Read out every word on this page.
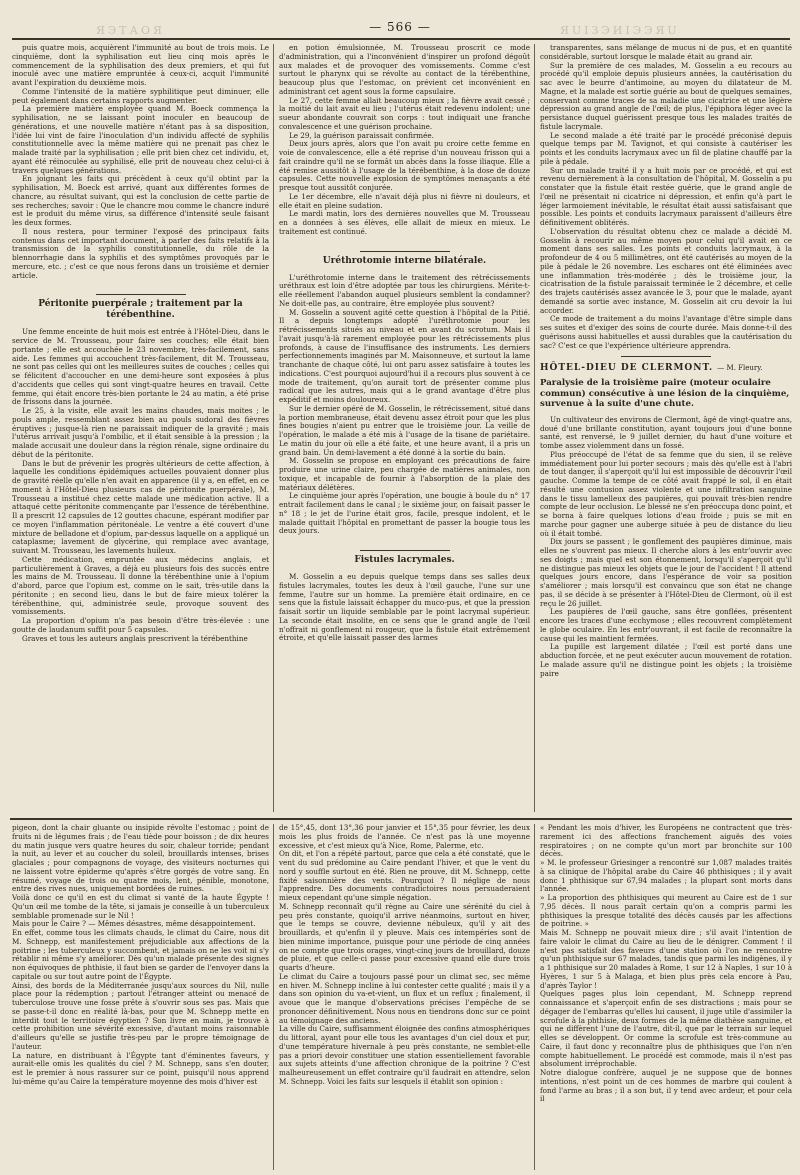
ЯЭТАОЯ	— 566 —	ЯUIЗЭИIЭЭЯU

puis quatre mois, acquièrent l'immunité au bout de trois mois. Le cinquième, dont la syphilisation eut lieu cinq mois après le commencement de la syphilisation des deux premiers, et qui fut inoculé avec une matière empruntée à ceux-ci, acquit l'immunité avant l'expiration du deuxième mois.

Comme l'intensité de la matière syphilitique peut diminuer, elle peut également dans certains rapports augmenter.

La première matière employée quand M. Boeck commença la syphilisation, ne se laissant point inoculer en beaucoup de générations, et une nouvelle matière n'étant pas à sa disposition, l'idée lui vint de faire l'inoculation d'un individu affecté de syphilis constitutionnelle avec la même matière qui ne prenait pas chez le malade traité par la syphilisation ; elle prit bien chez cet individu, et, ayant été réinoculée au syphilisé, elle prit de nouveau chez celui-ci à travers quelques générations.

En joignant les faits qui précèdent à ceux qu'il obtint par la syphilisation, M. Boeck est arrivé, quant aux différentes formes de chancre, au résultat suivant, qui est la conclusion de cette partie de ses recherches; savoir : Que le chancre mou comme le chancre induré est le produit du même virus, sa différence d'intensité seule faisant les deux formes.

Il nous restera, pour terminer l'exposé des principaux faits contenus dans cet important document, à parler des faits relatifs à la transmission de la syphilis constitutionnelle, du rôle de la blennorrhagie dans la syphilis et des symptômes provoqués par le mercure, etc. ; c'est ce que nous ferons dans un troisième et dernier article.

Péritonite puerpérale ; traitement par la térébenthine.

Une femme enceinte de huit mois est entrée à l'Hôtel-Dieu, dans le service de M. Trousseau, pour faire ses couches; elle était bien portante ; elle est accouchée le 23 novembre, très-facilement, sans aide. Les femmes qui accouchent très-facilement, dit M. Trousseau, ne sont pas celles qui ont les meilleures suites de couches ; celles qui se félicitent d'accoucher en une demi-heure sont exposées à plus d'accidents que celles qui sont vingt-quatre heures en travail. Cette femme, qui était encore très-bien portante le 24 au matin, a été prise de frissons dans la journée.

Le 25, à la visite, elle avait les mains chaudes, mais moites ; le pouls ample, ressemblant assez bien au pouls sudoral des fièvres éruptives ; jusque-là rien ne paraissait indiquer de la gravité ; mais l'utérus arrivait jusqu'à l'ombilic, et il était sensible à la pression ; la malade accusait une douleur dans la région rénale, signe ordinaire du début de la péritonite.

Dans le but de prévenir les progrès ultérieurs de cette affection, à laquelle les conditions épidémiques actuelles pouvaient donner plus de gravité réelle qu'elle n'en avait en apparence (il y a, en effet, en ce moment à l'Hôtel-Dieu plusieurs cas de péritonite puerpérale), M. Trousseau a institué chez cette malade une médication active. Il a attaqué cette péritonite commençante par l'essence de térébenthine. Il a prescrit 12 capsules de 12 gouttes chacune, espérant modifier par ce moyen l'inflammation péritonéale. Le ventre a été couvert d'une mixture de belladone et d'opium, par-dessus laquelle on a appliqué un cataplasme; lavement de glycérine, qui remplace avec avantage, suivant M. Trousseau, les lavements huileux.

Cette médication, empruntée aux médecins anglais, et particulièrement à Graves, a déjà eu plusieurs fois des succès entre les mains de M. Trousseau. Il donne la térébenthine unie à l'opium d'abord, parce que l'opium est, comme on le sait, très-utile dans la péritonite ; en second lieu, dans le but de faire mieux tolérer la térébenthine, qui, administrée seule, provoque souvent des vomissements.

La proportion d'opium n'a pas besoin d'être très-élevée : une goutte de laudanum suffit pour 5 capsules.

Graves et tous les auteurs anglais prescrivent la térébenthine

en potion émulsionnée, M. Trousseau proscrit ce mode d'administration, qui a l'inconvénient d'inspirer un profond dégoût aux malades et de provoquer des vomissements. Comme c'est surtout le pharynx qui se révolte au contact de la térébenthine, beaucoup plus que l'estomac, on prévient cet inconvénient en administrant cet agent sous la forme capsulaire.

Le 27, cette femme allait beaucoup mieux ; la fièvre avait cessé ; la moitié du lait avait eu lieu ; l'utérus était redevenu indolent; une sueur abondante couvrait son corps : tout indiquait une franche convalescence et une guérison prochaine.

Le 29, la guérison paraissait confirmée.

Deux jours après, alors que l'on avait pu croire cette femme en voie de convalescence, elle a été reprise d'un nouveau frisson qui a fait craindre qu'il ne se formât un abcès dans la fosse iliaque. Elle a été remise aussitôt à l'usage de la térébenthine, à la dose de douze capsules. Cette nouvelle explosion de symptômes menaçants a été presque tout aussitôt conjurée.

Le 1er décembre, elle n'avait déjà plus ni fièvre ni douleurs, et elle était en pleine sudation.

Le mardi matin, lors des dernières nouvelles que M. Trousseau en a données à ses élèves, elle allait de mieux en mieux. Le traitement est continué.

Uréthrotomie interne bilatérale.

L'uréthrotomie interne dans le traitement des rétrécissements uréthraux est loin d'être adoptée par tous les chirurgiens. Mérite-t-elle réellement l'abandon auquel plusieurs semblent la condamner? Ne doit-elle pas, au contraire, être employée plus souvent?

M. Gosselin a souvent agité cette question à l'hôpital de la Pitié. Il a depuis longtemps adopté l'uréthrotomie pour les rétrécissements situés au niveau et en avant du scrotum. Mais il l'avait jusqu'à-là rarement employée pour les rétrécissements plus profonds, à cause de l'insuffisance des instruments. Les derniers perfectionnements imaginés par M. Maisonneuve, et surtout la lame tranchante de chaque côté, lui ont paru assez satisfaire à toutes les indications. C'est pourquoi aujourd'hui il a recours plus souvent à ce mode de traitement, qu'on aurait tort de présenter comme plus radical que les autres, mais qui a le grand avantage d'être plus expéditif et moins douloureux.

Sur le dernier opéré de M. Gosselin, le rétrécissement, situé dans la portion membraneuse, était devenu assez étroit pour que les plus fines bougies n'aient pu entrer que le troisième jour. La veille de l'opération, le malade a été mis à l'usage de la tisane de pariétaire. Le matin du jour où elle a été faite, et une heure avant, il a pris un grand bain. Un demi-lavement a été donné à la sortie du bain.

M. Gosselin se propose en employant ces précautions de faire produire une urine claire, peu chargée de matières animales, non toxique, et incapable de fournir à l'absorption de la plaie des matériaux délétères.

Le cinquième jour après l'opération, une bougie à boule du n° 17 entrait facilement dans le canal ; le sixième jour, on faisait passer le n° 18 ; le jet de l'urine était gros, facile, presque indolent, et le malade quittait l'hôpital en promettant de passer la bougie tous les deux jours.

Fistules lacrymales.

M. Gosselin a eu depuis quelque temps dans ses salles deux fistules lacrymales, toutes les deux à l'œil gauche, l'une sur une femme, l'autre sur un homme. La première était ordinaire, en ce sens que la fistule laissait échapper du muco-pus, et que la pression faisait sortir un liquide semblable par le point lacrymal supérieur. La seconde était insolite, en ce sens que le grand angle de l'œil n'offrait ni gonflement ni rougeur, que la fistule était extrêmement étroite, et qu'elle laissait passer des larmes

transparentes, sans mélange de mucus ni de pus, et en quantité considérable, surtout lorsque le malade était au grand air.

Sur la première de ces malades, M. Gosselin a eu recours au procédé qu'il emploie depuis plusieurs années, la cautérisation du sac avec le beurre d'antimoine, au moyen du dilatateur de M. Magne, et la malade est sortie guérie au bout de quelques semaines, conservant comme traces de sa maladie une cicatrice et une légère dépression au grand angle de l'œil; de plus, l'épiphora léger avec la persistance duquel guérissent presque tous les malades traités de fistule lacrymale.

Le second malade a été traité par le procédé préconisé depuis quelque temps par M. Tavignot, et qui consiste à cautériser les points et les conduits lacrymaux avec un fil de platine chauffé par la pile à pédale.

Sur un malade traité il y a huit mois par ce procédé, et qui est revenu dernièrement à la consultation de l'hôpital, M. Gosselin a pu constater que la fistule était restée guérie, que le grand angle de l'œil ne présentait ni cicatrice ni dépression, et enfin qu'à part le léger larmoiement inévitable, le résultat était aussi satisfaisant que possible. Les points et conduits lacrymaux paraissent d'ailleurs être définitivement oblitérés.

L'observation du résultat obtenu chez ce malade a décidé M. Gosselin à recourir au même moyen pour celui qu'il avait en ce moment dans ses salles. Les points et conduits lacrymaux, à la profondeur de 4 ou 5 millimètres, ont été cautérisés au moyen de la pile à pédale le 26 novembre. Les eschares ont été éliminées avec une inflammation très-modérée ; dès le troisième jour, la cicatrisation de la fistule paraissait terminée le 2 décembre, et celle des trajets cautérisés assez avancée le 3, pour que le malade, ayant demandé sa sortie avec instance, M. Gosselin ait cru devoir la lui accorder.

Ce mode de traitement a du moins l'avantage d'être simple dans ses suites et d'exiger des soins de courte durée. Mais donne-t-il des guérisons aussi habituelles et aussi durables que la cautérisation du sac? C'est ce que l'expérience ultérieure apprendra.

HÔTEL-DIEU DE CLERMONT. — M. Fleury.
Paralysie de la troisième paire (moteur oculaire commun) consécutive à une lésion de la cinquième, survenue à la suite d'une chute.

Un cultivateur des environs de Clermont, âgé de vingt-quatre ans, doué d'une brillante constitution, ayant toujours joui d'une bonne santé, est renversé, le 9 juillet dernier, du haut d'une voiture et tombe assez violemment dans un fossé.

Plus préoccupé de l'état de sa femme que du sien, il se relève immédiatement pour lui porter secours ; mais dès qu'elle est à l'abri de tout danger, il s'aperçoit qu'il lui est impossible de découvrir l'œil gauche. Comme la tempe de ce côté avait frappé le sol, il en était résulté une contusion assez violente et une infiltration sanguine dans le tissu lamelleux des paupières, qui pouvait très-bien rendre compte de leur occlusion. Le blessé ne s'en préoccupa donc point, et se borna à faire quelques lotions d'eau froide ; puis se mit en marche pour gagner une auberge située à peu de distance du lieu où il était tombé.

Dix jours se passent ; le gonflement des paupières diminue, mais elles ne s'ouvrent pas mieux. Il cherche alors à les entr'ouvrir avec ses doigts ; mais quel est son étonnement, lorsqu'il s'aperçoit qu'il ne distingue pas mieux les objets que le jour de l'accident ! Il attend quelques jours encore, dans l'espérance de voir sa position s'améliorer ; mais lorsqu'il est convaincu que son état ne change pas, il se décide à se présenter à l'Hôtel-Dieu de Clermont, où il est reçu le 26 juillet.

Les paupières de l'œil gauche, sans être gonflées, présentent encore les traces d'une ecchymose ; elles recouvrent complètement le globe oculaire. En les entr'ouvrant, il est facile de reconnaître la cause qui les maintient fermées.

La pupille est largement dilatée ; l'œil est porté dans une abduction forcée, et ne peut exécuter aucun mouvement de rotation. Le malade assure qu'il ne distingue point les objets ; la troisième paire

pigeon, dont la chair gluante ou insipide révolte l'estomac ; point de fruits ni de légumes frais ; de l'eau tiède pour boisson ; de dix heures du matin jusque vers quatre heures du soir, chaleur torride; pendant la nuit, au lever et au coucher du soleil, brouillards intenses, brises glaciales ; pour compagnons de voyage, des visiteurs nocturnes qui ne laissent votre épiderme qu'après s'être gorgés de votre sang. En résumé, voyage de trois ou quatre mois, lent, pénible, monotone, entre des rives nues, uniquement bordées de ruines.
Voilà donc ce qu'il en est du climat si vanté de la haute Égypte ! Qu'un œil me tombe de la tête, si jamais je conseille à un tuberculeux semblable promenade sur le Nil !
Mais pour le Caire ? — Mêmes désastres, même désappointement.
En effet, comme tous les climats chauds, le climat du Caire, nous dit M. Schnepp, est manifestement préjudiciable aux affections de la poitrine ; les tuberculeux y succombent, et jamais on ne les voit ni s'y rétablir ni même s'y améliorer. Dès qu'un malade présente des signes non équivoques de phthisie, il faut bien se garder de l'envoyer dans la capitale ou sur tout autre point de l'Égypte.
Ainsi, des bords de la Méditerranée jusqu'aux sources du Nil, nulle place pour la rédemption ; partout l'étranger atteint ou menacé de tuberculose trouve une fosse prête à s'ouvrir sous ses pas. Mais que se passe-t-il donc en réalité là-bas, pour que M. Schnepp mette en interdit tout le territoire égyptien ? Son livre en main, je trouve à cette prohibition une sévérité excessive, d'autant moins raisonnable d'ailleurs qu'elle se justifie très-peu par le propre témoignage de l'auteur.
La nature, en distribuant à l'Égypte tant d'éminentes faveurs, y aurait-elle omis les qualités du ciel ? M. Schnepp, sans s'en douter, est le premier à nous rassurer sur ce point, puisqu'il nous apprend lui-même qu'au Caire la température moyenne des mois d'hiver est
de 15°,45, dont 13°,36 pour janvier et 15°,35 pour février, les deux mois les plus froids de l'année. Ce n'est pas là une moyenne excessive, et c'est mieux qu'à Nice, Rome, Palerme, etc.
On dit, et l'on a répété partout, parce que cela a été constaté, que le vent du sud prédomine au Caire pendant l'hiver, et que le vent du nord y souffle surtout en été. Rien ne prouve, dit M. Schnepp, cette fixité saisonnière des vents. Pourquoi ? Il néglige de nous l'apprendre. Des documents contradictoires nous persuaderaient mieux cependant qu'une simple négation.
M. Schnepp reconnaît qu'il règne au Caire une sérénité du ciel à peu près constante, quoiqu'il arrive néanmoins, surtout en hiver, que le temps se couvre, devienne nébuleux, qu'il y ait des brouillards, et qu'enfin il y pleuve. Mais ces intempéries sont de bien minime importance, puisque pour une période de cinq années on ne compte que trois orages, vingt-cinq jours de brouillard, douze de pluie, et que celle-ci passe pour excessive quand elle dure trois quarts d'heure.
Le climat du Caire a toujours passé pour un climat sec, sec même en hiver. M. Schnepp incline à lui contester cette qualité ; mais il y a dans son opinion du va-et-vient, un flux et un reflux ; finalement, il avoue que le manque d'observations précises l'empêche de se prononcer définitivement. Nous nous en tiendrons donc sur ce point au témoignage des anciens.
La ville du Caire, suffisamment éloignée des confins atmosphériques du littoral, ayant pour elle tous les avantages d'un ciel doux et pur, d'une température hivernale à peu près constante, ne semblet-elle pas a priori devoir constituer une station essentiellement favorable aux sujets atteints d'une affection chronique de la poitrine ? C'est malheureusement un effet contraire qu'il faudrait en attendre, selon M. Schnepp. Voici les faits sur lesquels il établit son opinion :
« Pendant les mois d'hiver, les Européens ne contractent que très-rarement ici des affections franchement aiguës des voies respiratoires ; on ne compte qu'un mort par bronchite sur 100 décès.
» M. le professeur Griesinger a rencontré sur 1,087 malades traités à sa clinique de l'hôpital arabe du Caire 46 phthisiques ; il y avait donc 1 phthisique sur 67,94 malades ; la plupart sont morts dans l'année.
» La proportion des phthisiques qui meurent au Caire est de 1 sur 7,95 décès. Il nous paraît certain qu'on a compris parmi les phthisiques la presque totalité des décès causés par les affections de poitrine. »
Mais M. Schnepp ne pouvait mieux dire ; s'il avait l'intention de faire valoir le climat du Caire au lieu de le dénigrer. Comment ! il n'est pas satisfait des faveurs d'une station où l'on ne rencontre qu'un phthisique sur 67 malades, tandis que parmi les indigènes, il y a 1 phthisique sur 20 malades à Rome, 1 sur 12 à Naples, 1 sur 10 à Hyères, 1 sur 5 à Malaga, et bien plus près cela encore à Pau, d'après Taylor !
Quelques pages plus loin cependant, M. Schnepp reprend connaissance et s'aperçoit enfin de ses distractions ; mais pour se dégager de l'embarras qu'elles lui causent, il juge utile d'assimiler la scrofule à la phthisie, deux formes de la même diathèse sanguine, et qui ne diffèrent l'une de l'autre, dit-il, que par le terrain sur lequel elles se développent. Or comme la scrofule est très-commune au Caire, il faut donc y reconnaître plus de phthisiques que l'on n'en compte habituellement. Le procédé est commode, mais il n'est pas absolument irréprochable.
Notre dialogue confrère, auquel je ne suppose que de bonnes intentions, n'est point un de ces hommes de marbre qui coulent à fond l'arme au bras ; il a son but, il y tend avec ardeur, et pour cela il
